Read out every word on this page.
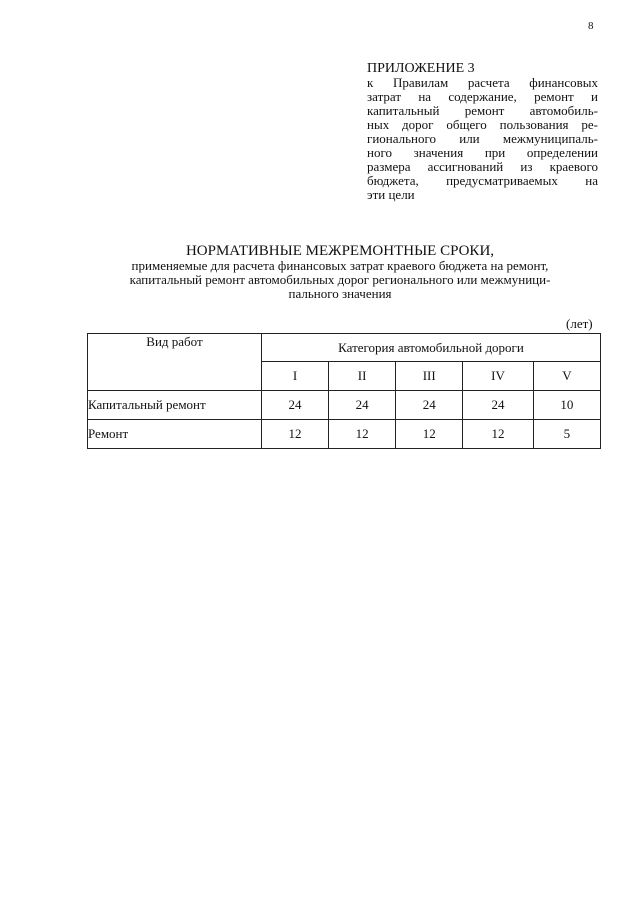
8
ПРИЛОЖЕНИЕ 3
к Правилам расчета финансовых
затрат на содержание, ремонт и
капитальный ремонт автомобиль-
ных дорог общего пользования ре-
гионального или межмуниципаль-
ного значения при определении
размера ассигнований из краевого
бюджета, предусматриваемых на
эти цели
НОРМАТИВНЫЕ МЕЖРЕМОНТНЫЕ СРОКИ,
применяемые для расчета финансовых затрат краевого бюджета на ремонт,
капитальный ремонт автомобильных дорог регионального или межмуници-
пального значения
(лет)
Вид работ	Категория автомобильной дороги				
	I	II	III	IV	V
Капитальный ремонт	24	24	24	24	10
Ремонт	12	12	12	12	5
